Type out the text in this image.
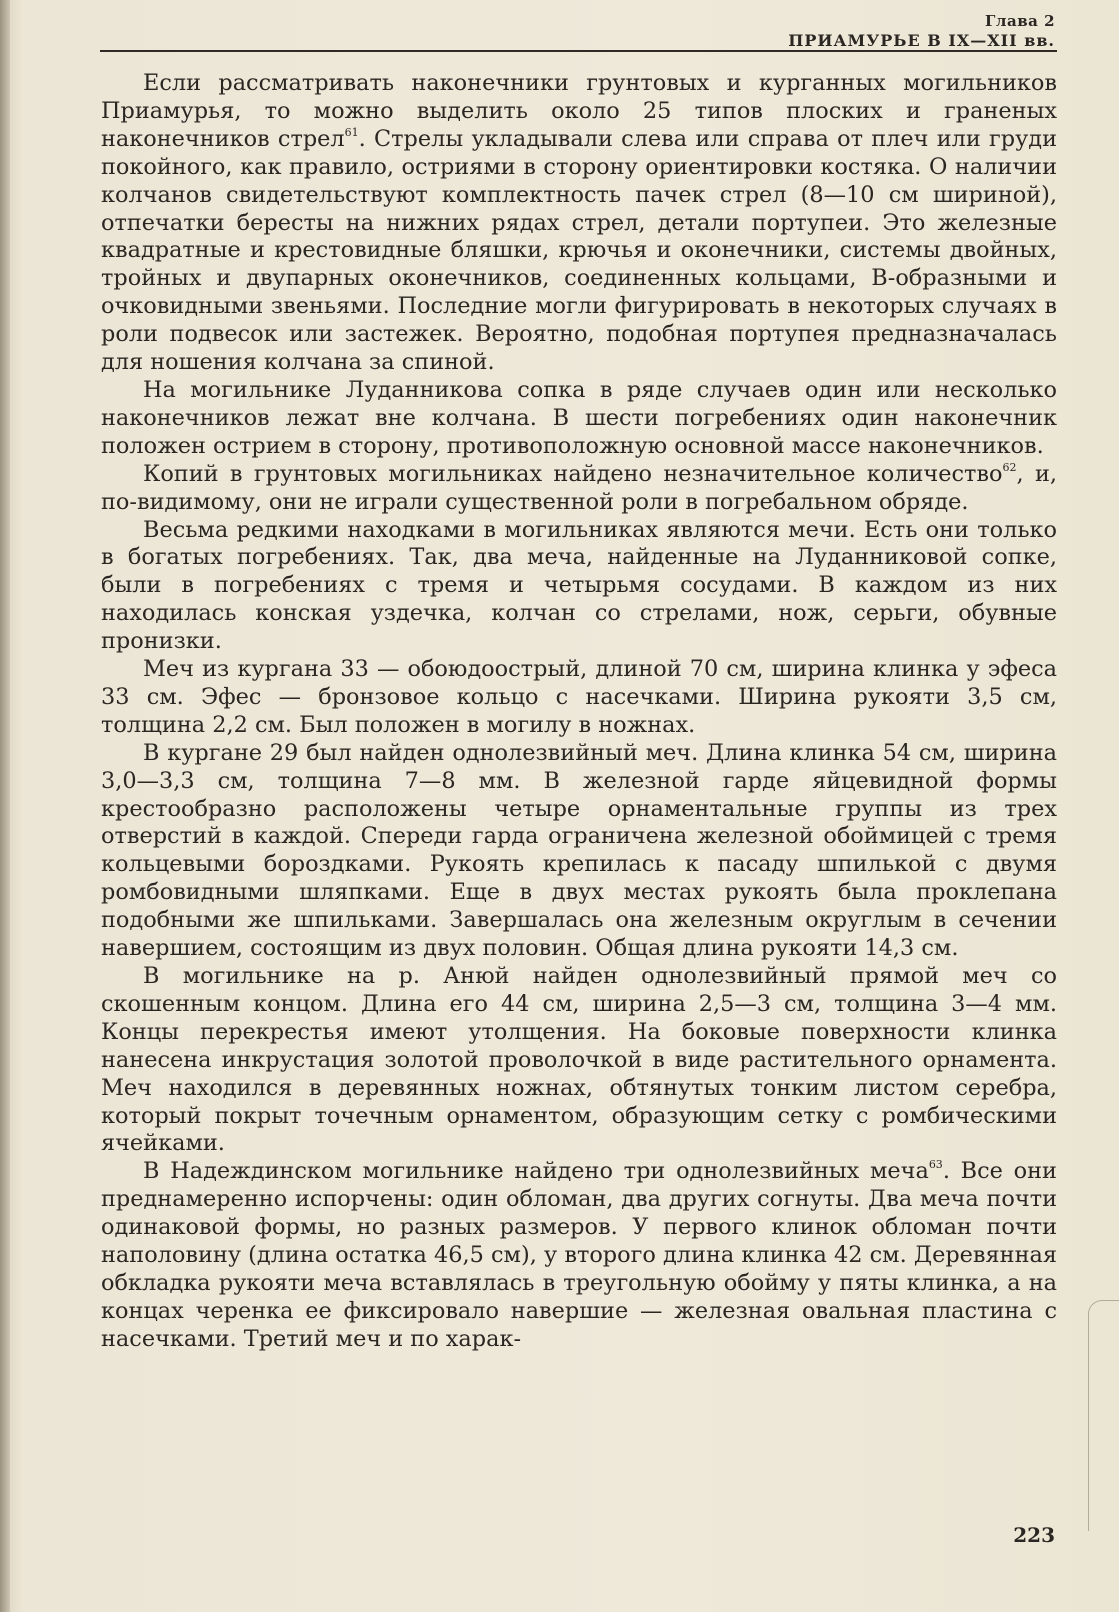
Глава 2
ПРИАМУРЬЕ В IX—XII вв.

Если рассматривать наконечники грунтовых и курганных могильников Приамурья, то можно выделить около 25 типов плоских и граненых наконечников стрел$^{61}$. Стрелы укладывали слева или справа от плеч или груди покойного, как правило, остриями в сторону ориентировки костяка. О наличии колчанов свидетельствуют комплектность пачек стрел (8—10 см шириной), отпечатки бересты на нижних рядах стрел, детали портупеи. Это железные квадратные и крестовидные бляшки, крючья и оконечники, системы двойных, тройных и двупарных оконечников, соединенных кольцами, В-образными и очковидными звеньями. Последние могли фигурировать в некоторых случаях в роли подвесок или застежек. Вероятно, подобная портупея предназначалась для ношения колчана за спиной.

На могильнике Луданникова сопка в ряде случаев один или несколько наконечников лежат вне колчана. В шести погребениях один наконечник положен острием в сторону, противоположную основной массе наконечников.

Копий в грунтовых могильниках найдено незначительное количество$^{62}$, и, по-видимому, они не играли существенной роли в погребальном обряде.

Весьма редкими находками в могильниках являются мечи. Есть они только в богатых погребениях. Так, два меча, найденные на Луданниковой сопке, были в погребениях с тремя и четырьмя сосудами. В каждом из них находилась конская уздечка, колчан со стрелами, нож, серьги, обувные пронизки.

Меч из кургана 33 — обоюдоострый, длиной 70 см, ширина клинка у эфеса 33 см. Эфес — бронзовое кольцо с насечками. Ширина рукояти 3,5 см, толщина 2,2 см. Был положен в могилу в ножнах.

В кургане 29 был найден однолезвийный меч. Длина клинка 54 см, ширина 3,0—3,3 см, толщина 7—8 мм. В железной гарде яйцевидной формы крестообразно расположены четыре орнаментальные группы из трех отверстий в каждой. Спереди гарда ограничена железной обоймицей с тремя кольцевыми бороздками. Рукоять крепилась к пасаду шпилькой с двумя ромбовидными шляпками. Еще в двух местах рукоять была проклепана подобными же шпильками. Завершалась она железным округлым в сечении навершием, состоящим из двух половин. Общая длина рукояти 14,3 см.

В могильнике на р. Анюй найден однолезвийный прямой меч со скошенным концом. Длина его 44 см, ширина 2,5—3 см, толщина 3—4 мм. Концы перекрестья имеют утолщения. На боковые поверхности клинка нанесена инкрустация золотой проволочкой в виде растительного орнамента. Меч находился в деревянных ножнах, обтянутых тонким листом серебра, который покрыт точечным орнаментом, образующим сетку с ромбическими ячейками.

В Надеждинском могильнике найдено три однолезвийных меча$^{63}$. Все они преднамеренно испорчены: один обломан, два других согнуты. Два меча почти одинаковой формы, но разных размеров. У первого клинок обломан почти наполовину (длина остатка 46,5 см), у второго длина клинка 42 см. Деревянная обкладка рукояти меча вставлялась в треугольную обойму у пяты клинка, а на концах черенка ее фиксировало навершие — железная овальная пластина с насечками. Третий меч и по харак-

223
